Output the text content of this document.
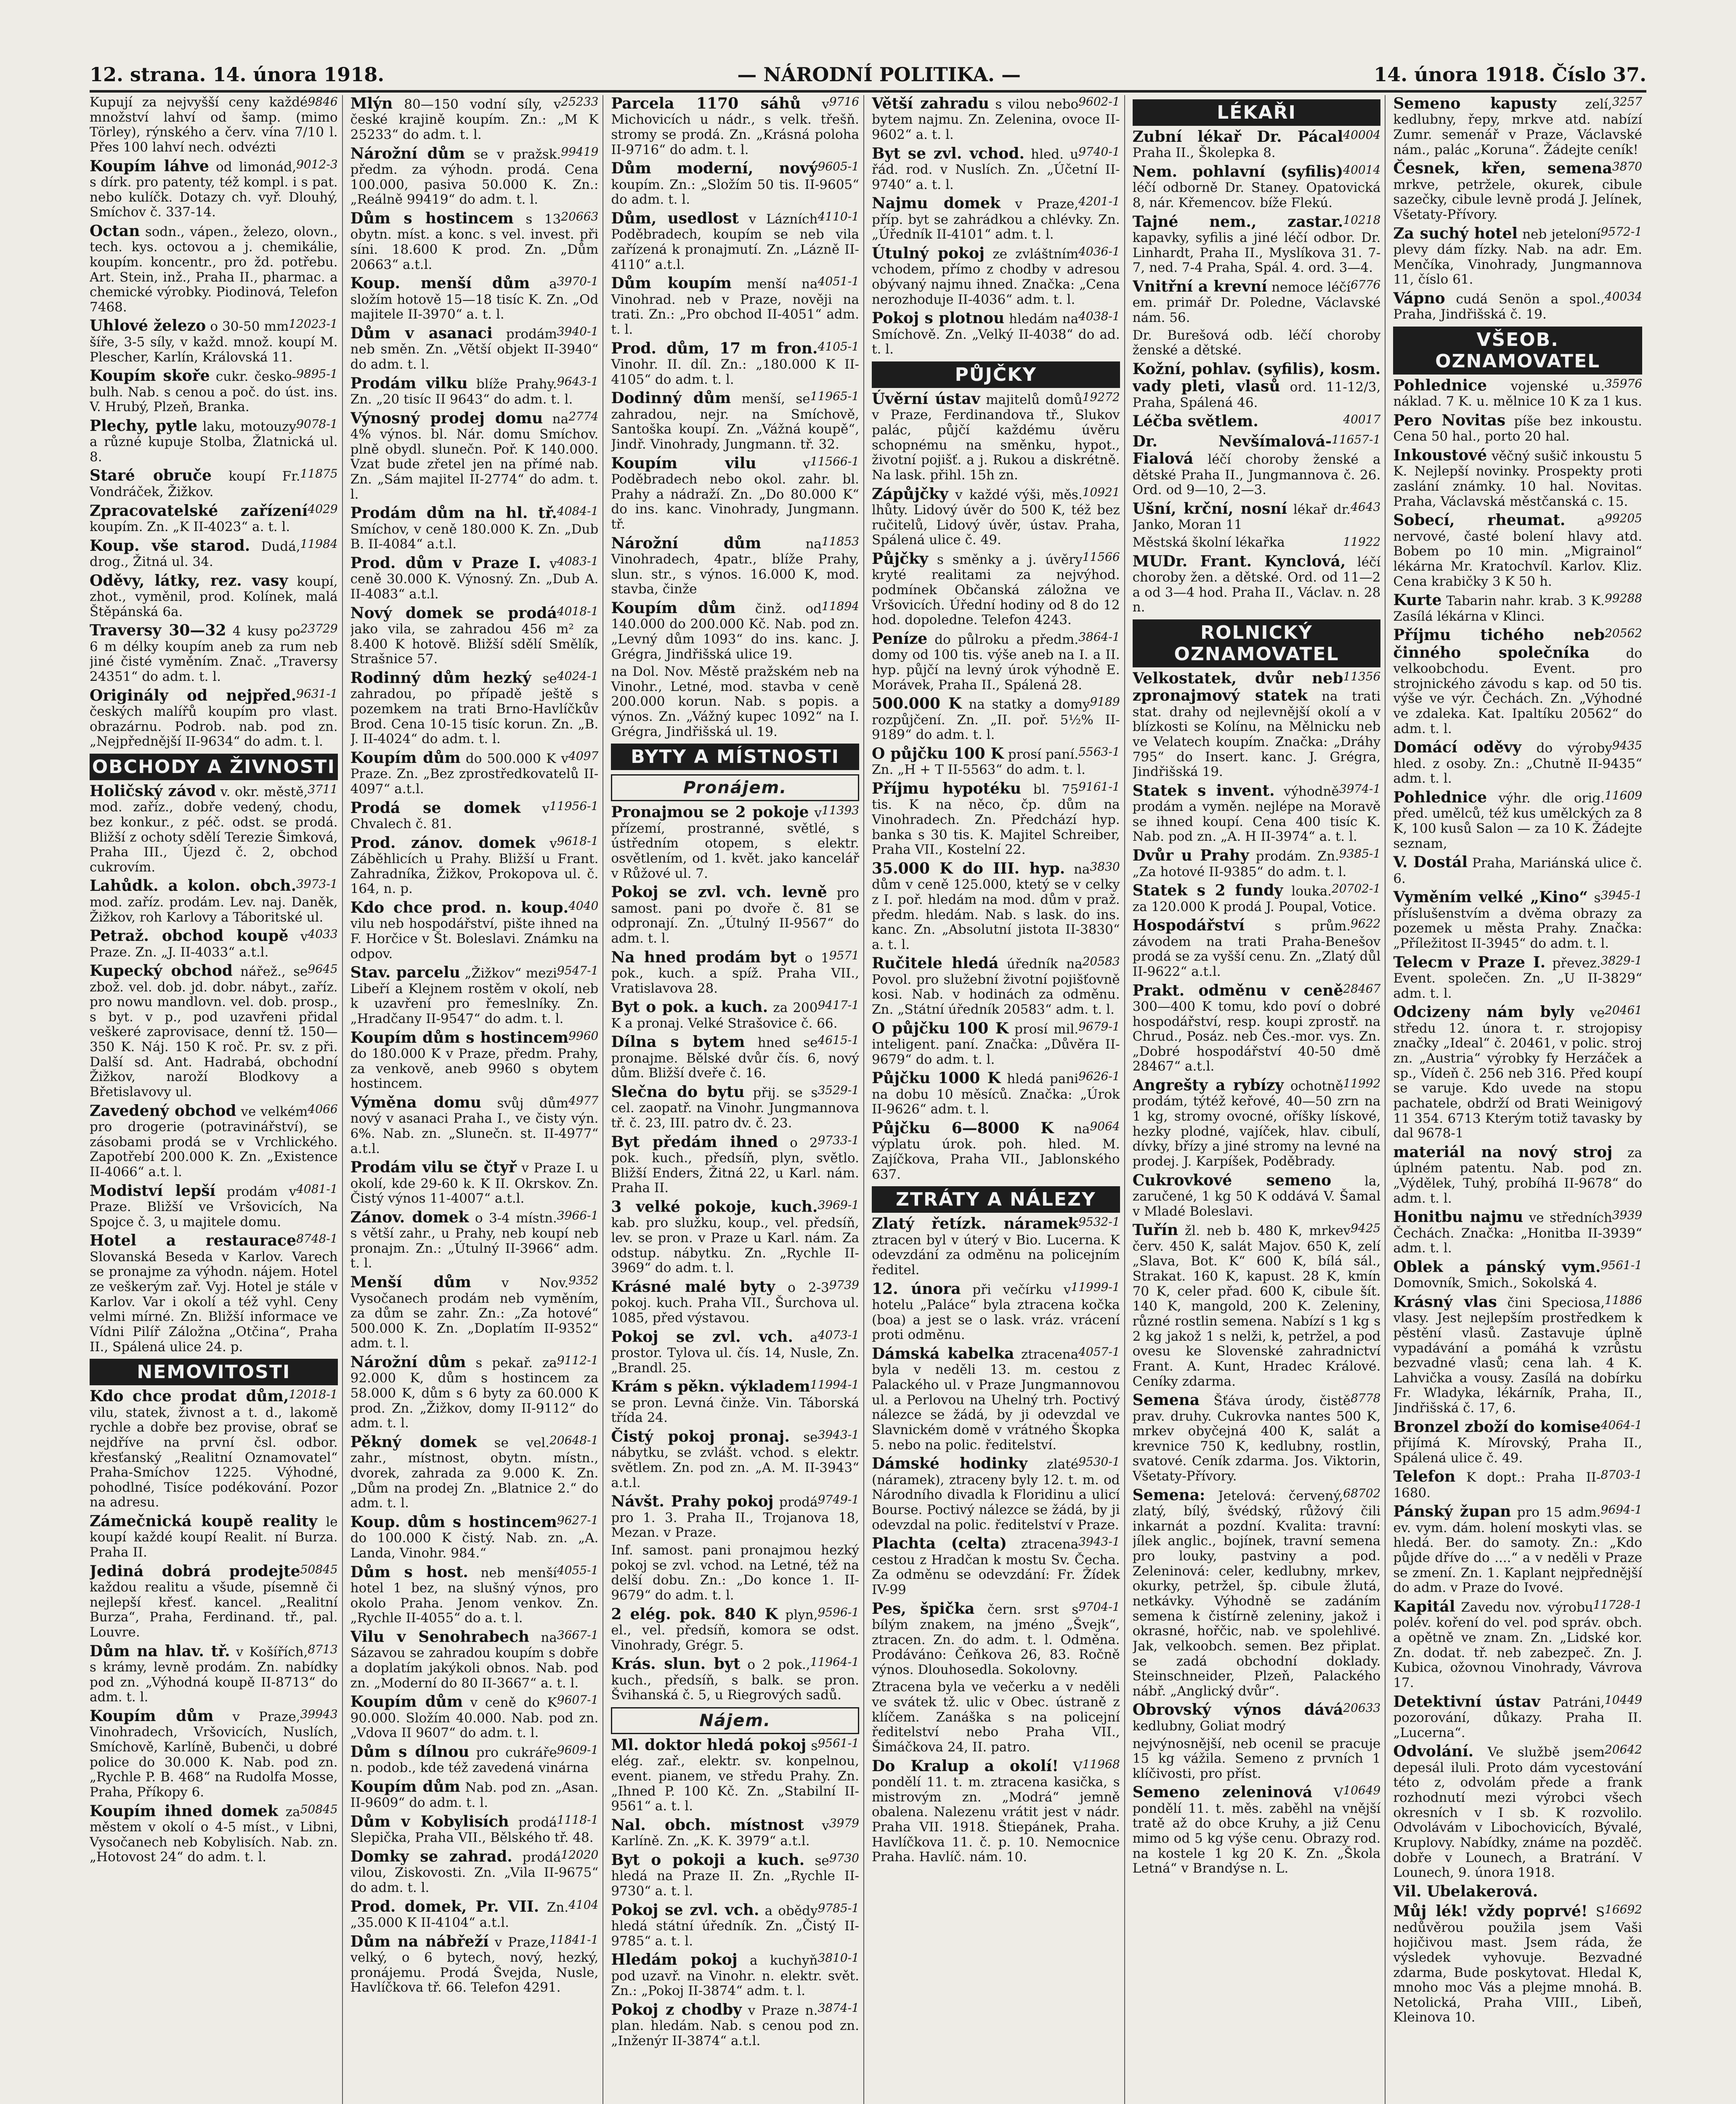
12. strana. 14. února 1918.	— NÁRODNÍ POLITIKA. —	14. února 1918. Číslo 37.
9846
Kupují za nejvyšší ceny každé množství lahví od šamp. (mimo Törley), rýnského a červ. vína 7/10 l. Přes 100 lahví nech. odvézti
9012-3
Koupím láhve od limonád, s dírk. pro patenty, též kompl. i s pat. nebo kulíčk. Dotazy ch. vyř. Dlouhý, Smíchov č. 337-14.
Octan sodn., vápen., železo, olovn., tech. kys. octovou a j. chemikálie, koupím. koncentr., pro žd. potřebu. Art. Stein, inž., Praha II., pharmac. a chemické výrobky. Piodinová, Telefon 7468.
12023-1
Uhlové železo o 30-50 mm šíře, 3-5 síly, v každ. množ. koupí M. Plescher, Karlín, Královská 11.
9895-1
Koupím skoře cukr. česko-bulh. Nab. s cenou a poč. do úst. ins. V. Hrubý, Plzeň, Branka.
9078-1
Plechy, pytle laku, motouzy a různé kupuje Stolba, Žlatnická ul. 8.
11875
Staré obruče koupí Fr. Vondráček, Žižkov.
4029
Zpracovatelské zařízení koupím. Zn. „K II-4023“ a. t. l.
11984
Koup. vše starod. Dudá, drog., Žitná ul. 34.
Oděvy, látky, rez. vasy koupí, zhot., vyměnil, prod. Kolínek, malá Štěpánská 6a.
23729
Traversy 30—32 4 kusy po 6 m délky koupím aneb za rum neb jiné čisté vyměním. Znač. „Traversy 24351“ do adm. t. l.
9631-1
Originály od nejpřed. českých malířů koupím pro vlast. obrazárnu. Podrob. nab. pod zn. „Nejpřednější II-9634“ do adm. t. l.
OBCHODY A ŽIVNOSTI
3711
Holičský závod v. okr. městě, mod. zaříz., dobře vedený, chodu, bez konkur., z péč. odst. se prodá. Bližší z ochoty sdělí Terezie Šimková, Praha III., Újezd č. 2, obchod cukrovím.
3973-1
Lahůdk. a kolon. obch. mod. zaříz. prodám. Lev. naj. Daněk, Žižkov, roh Karlovy a Táboritské ul.
4033
Petraž. obchod koupě v Praze. Zn. „J. II-4033“ a.t.l.
9645
Kupecký obchod nářež., se zbož. vel. dob. jd. dobr. nábyt., zaříz. pro nowu mandlovn. vel. dob. prosp., s byt. v p., pod uzavřeni přidal veškeré zaprovisace, denní tž. 150—350 K. Náj. 150 K roč. Pr. sv. z při. Další sd. Ant. Hadrabá, obchodní Žižkov, naroží Blodkovy a Břetislavovy ul.
4066
Zavedený obchod ve velkém pro drogerie (potravinářství), se zásobami prodá se v Vrchlického. Zapotřebí 200.000 K. Zn. „Existence II-4066“ a.t. l.
4081-1
Modiství lepší prodám v Praze. Bližší ve Vršovicích, Na Spojce č. 3, u majitele domu.
8748-1
Hotel a restaurace Slovanská Beseda v Karlov. Varech se pronajme za výhodn. nájem. Hotel ze veškerým zař. Vyj. Hotel je stále v Karlov. Var i okolí a též vyhl. Ceny velmi mírné. Zn. Bližší informace ve Vídni Pilíř Záložna „Otčina“, Praha II., Spálená ulice 24. p.
NEMOVITOSTI
12018-1
Kdo chce prodat dům, vilu, statek, živnost a t. d., lakomě rychle a dobře bez provise, obrať se nejdříve na první čsl. odbor. křesťanský „Realitní Oznamovatel“ Praha-Smíchov 1225. Výhodné, pohodlné, Tisíce podékování. Pozor na adresu.
Zámečnická koupě reality le koupí každé koupí Realit. ní Burza. Praha II.
50845
Jediná dobrá prodejte každou realitu a všude, písemně či nejlepší křesť. kancel. „Realitní Burza“, Praha, Ferdinand. tř., pal. Louvre.
8713
Dům na hlav. tř. v Košířích, s krámy, levně prodám. Zn. nabídky pod zn. „Výhodná koupě II-8713“ do adm. t. l.
39943
Koupím dům v Praze, Vinohradech, Vršovicích, Nuslích, Smíchově, Karlíně, Bubenči, u dobré police do 30.000 K. Nab. pod zn. „Rychle P. B. 468“ na Rudolfa Mosse, Praha, Příkopy 6.
50845
Koupím ihned domek za městem v okolí o 4-5 míst., v Libni, Vysočanech neb Kobylisích. Nab. zn. „Hotovost 24“ do adm. t. l.
25233
Mlýn 80—150 vodní síly, v české krajině koupím. Zn.: „M K 25233“ do adm. t. l.
99419
Nárožní dům se v pražsk. předm. za výhodn. prodá. Cena 100.000, pasiva 50.000 K. Zn.: „Reálně 99419“ do adm. t. l.
20663
Dům s hostincem s 13 obytn. míst. a konc. s vel. invest. při síni. 18.600 K prod. Zn. „Dům 20663“ a.t.l.
3970-1
Koup. menší dům a složím hotově 15—18 tisíc K. Zn. „Od majitele II-3970“ a. t. l.
3940-1
Dům v asanaci prodám neb směn. Zn. „Větší objekt II-3940“ do adm. t. l.
9643-1
Prodám vilku blíže Prahy. Zn. „20 tisíc II 9643“ do adm. t. l.
2774
Výnosný prodej domu na 4% výnos. bl. Nár. domu Smíchov. plně obydl. slunečn. Poř. K 140.000. Vzat bude zřetel jen na přímé nab. Zn. „Sám majitel II-2774“ do adm. t. l.
4084-1
Prodám dům na hl. tř. Smíchov, v ceně 180.000 K. Zn. „Dub B. II-4084“ a.t.l.
4083-1
Prod. dům v Praze I. v ceně 30.000 K. Výnosný. Zn. „Dub A. II-4083“ a.t.l.
4018-1
Nový domek se prodá jako vila, se zahradou 456 m² za 8.400 K hotově. Bližší sdělí Smělík, Strašnice 57.
4024-1
Rodinný dům hezký se zahradou, po případě ještě s pozemkem na trati Brno-Havlíčkův Brod. Cena 10-15 tisíc korun. Zn. „B. J. II-4024“ do adm. t. l.
4097
Koupím dům do 500.000 K v Praze. Zn. „Bez zprostředkovatelů II-4097“ a.t.l.
11956-1
Prodá se domek v Chvalech č. 81.
9618-1
Prod. zánov. domek v Záběhlicích u Prahy. Bližší u Frant. Zahradníka, Žižkov, Prokopova ul. č. 164, n. p.
4040
Kdo chce prod. n. koup. vilu neb hospodářství, pište ihned na F. Horčice v Št. Boleslavi. Známku na odpov.
9547-1
Stav. parcelu „Žižkov“ mezi Libeří a Klejnem rostěm v okolí, neb k uzavření pro řemeslníky. Zn. „Hradčany II-9547“ do adm. t. l.
9960
Koupím dům s hostincem do 180.000 K v Praze, předm. Prahy, za venkově, aneb 9960 s obytem hostincem.
4977
Výměna domu svůj dům nový v asanaci Praha I., ve čisty výn. 6%. Nab. zn. „Slunečn. st. II-4977“ a.t.l.
Prodám vilu se čtyř v Praze I. u okolí, kde 29-60 k. K II. Okrskov. Zn. Čistý výnos 11-4007“ a.t.l.
3966-1
Zánov. domek o 3-4 místn. s větší zahr., u Prahy, neb koupí neb pronajm. Zn.: „Útulný II-3966“ adm. t. l.
9352
Menší dům v Nov. Vysočanech prodám neb vyměním, za dům se zahr. Zn.: „Za hotové“ 500.000 K. Zn. „Doplatím II-9352“ adm. t. l.
9112-1
Nárožní dům s pekař. za 92.000 K, dům s hostincem za 58.000 K, dům s 6 byty za 60.000 K prod. Zn. „Žižkov, domy II-9112“ do adm. t. l.
20648-1
Pěkný domek se vel. zahr., místnost, obytn. místn., dvorek, zahrada za 9.000 K. Zn. „Dům na prodej Zn. „Blatnice 2.“ do adm. t. l.
9627-1
Koup. dům s hostincem do 100.000 K čistý. Nab. zn. „A. Landa, Vinohr. 984.“
4055-1
Dům s host. neb menší hotel 1 bez, na slušný výnos, pro okolo Praha. Jenom venkov. Zn. „Rychle II-4055“ do a. t. l.
3667-1
Vilu v Senohrabech na Sázavou se zahradou koupím s dobře a doplatím jakýkoli obnos. Nab. pod zn. „Moderní do 80 II-3667“ a. t. l.
9607-1
Koupím dům v ceně do K 90.000. Složím 40.000. Nab. pod zn. „Vdova II 9607“ do adm. t. l.
9609-1
Dům s dílnou pro cukráře n. podob., kde též zavedená vinárna
Koupím dům Nab. pod zn. „Asan. II-9609“ do adm. t. l.
1118-1
Dům v Kobylisích prodá Slepička, Praha VII., Bělského tř. 48.
12020
Domky se zahrad. prodá vilou, Ziskovosti. Zn. „Vila II-9675“ do adm. t. l.
4104
Prod. domek, Pr. VII. Zn. „35.000 K II-4104“ a.t.l.
11841-1
Dům na nábřeží v Praze, velký, o 6 bytech, nový, hezký, pronájemu. Prodá Švejda, Nusle, Havlíčkova tř. 66. Telefon 4291.
9716
Parcela 1170 sáhů v Michovicích u nádr., s velk. třešň. stromy se prodá. Zn. „Krásná poloha II-9716“ do adm. t. l.
9605-1
Dům moderní, nový koupím. Zn.: „Složím 50 tis. II-9605“ do adm. t. l.
4110-1
Dům, usedlost v Lázních Poděbradech, koupím se neb vila zařízená k pronajmutí. Zn. „Lázně II-4110“ a.t.l.
4051-1
Dům koupím menší na Vinohrad. neb v Praze, nověji na trati. Zn.: „Pro obchod II-4051“ adm. t. l.
4105-1
Prod. dům, 17 m fron. Vinohr. II. díl. Zn.: „180.000 K II-4105“ do adm. t. l.
11965-1
Dodinný dům menší, se zahradou, nejr. na Smíchově, Santoška koupí. Zn. „Vážná koupě“, Jindř. Vinohrady, Jungmann. tř. 32.
11566-1
Koupím vilu	v Poděbradech nebo okol. zahr. bl. Prahy a nádraží. Zn. „Do 80.000 K“ do ins. kanc. Vinohrady, Jungmann. tř.
11853
Nárožní dům	na Vinohradech, 4patr., blíže Prahy, slun. str., s výnos. 16.000 K, mod. stavba, činže
11894
Koupím dům činž. od 140.000 do 200.000 Kč. Nab. pod zn. „Levný dům 1093“ do ins. kanc. J. Grégra, Jindřišská ulice 19.
na Dol. Nov. Městě pražském neb na Vinohr., Letné, mod. stavba v ceně 200.000 korun. Nab. s popis. a výnos. Zn. „Vážný kupec 1092“ na I. Grégra, Jindřišská ul. 19.
BYTY A MÍSTNOSTI
Pronájem.
11393
Pronajmou se 2 pokoje v přízemí, prostranné, světlé, s ústředním otopem, s elektr. osvětlením, od 1. květ. jako kancelář v Růžové ul. 7.
Pokoj se zvl. vch. levně pro samost. pani po dvoře č. 81 se odpronají. Zn. „Útulný II-9567“ do adm. t. l.
9571
Na hned prodám byt o 1 pok., kuch. a spíž. Praha VII., Vratislavova 28.
9417-1
Byt o pok. a kuch. za 200 K a pronaj. Velké Strašovice č. 66.
4615-1
Dílna s bytem hned se pronajme. Bělské dvůr čís. 6, nový dům. Bližší dveře č. 16.
3529-1
Slečna do bytu přij. se s cel. zaopatř. na Vinohr. Jungmannova tř. č. 23, III. patro dv. č. 23.
9733-1
Byt předám ihned o 2 pok. kuch., předsíň, plyn, světlo. Bližší Enders, Žitná 22, u Karl. nám. Praha II.
3969-1
3 velké pokoje, kuch. kab. pro služku, koup., vel. předsíň, lev. se pron. v Praze u Karl. nám. Za odstup. nábytku. Zn. „Rychle II-3969“ do adm. t. l.
9739
Krásné malé byty o 2-3 pokoj. kuch. Praha VII., Šurchova ul. 1085, před výstavou.
4073-1
Pokoj se zvl. vch. a prostor. Tylova ul. čís. 14, Nusle, Zn. „Brandl. 25.
11994-1
Krám s pěkn. výkladem se pron. Levná činže. Vin. Táborská třída 24.
3943-1
Čistý pokoj pronaj. se nábytku, se zvlášt. vchod. s elektr. světlem. Zn. pod zn. „A. M. II-3943“ a.t.l.
9749-1
Návšt. Prahy pokoj prodá pro 1. 3. Praha II., Trojanova 18, Mezan. v Praze.
Inf. samost. pani pronajmou hezký pokoj se zvl. vchod. na Letné, též na delší dobu. Zn.: „Do konce 1. II-9679“ do adm. t. l.
9596-1
2 elég. pok. 840 K plyn, el., vel. předsíň, komora se odst. Vinohrady, Grégr. 5.
11964-1
Krás. slun. byt o 2 pok., kuch., předsíň, s balk. se pron. Švihanská č. 5, u Riegrových sadů.
Nájem.
9561-1
Ml. doktor hledá pokoj s elég. zař., elektr. sv. konpelnou, event. pianem, ve středu Prahy. Zn. „Ihned P. 100 Kč. Zn. „Stabilní II-9561“ a. t. l.
3979
Nal. obch. místnost v Karlíně. Zn. „K. K. 3979“ a.t.l.
9730
Byt o pokoji a kuch. se hledá na Praze II. Zn. „Rychle II-9730“ a. t. l.
9785-1
Pokoj se zvl. vch. a obědy hledá státní úředník. Zn. „Čistý II-9785“ a. t. l.
3810-1
Hledám pokoj a kuchyň pod uzavř. na Vinohr. n. elektr. svět. Zn.: „Pokoj II-3874“ adm. t. l.
3874-1
Pokoj z chodby v Praze n. plan. hledám. Nab. s cenou pod zn. „Inženýr II-3874“ a.t.l.
9602-1
Větší zahradu s vilou nebo bytem najmu. Zn. Zelenina, ovoce II-9602“ a. t. l.
9740-1
Byt se zvl. vchod. hled. u řád. rod. v Nuslích. Zn. „Účetní II-9740“ a. t. l.
4201-1
Najmu domek v Praze, příp. byt se zahrádkou a chlévky. Zn. „Úředník II-4101“ adm. t. l.
4036-1
Útulný pokoj ze zvláštním vchodem, přímo z chodby v adresou obývaný najmu ihned. Značka: „Cena nerozhoduje II-4036“ adm. t. l.
4038-1
Pokoj s plotnou hledám na Smíchově. Zn. „Velký II-4038“ do ad. t. l.
PŮJČKY
19272
Úvěrní ústav majitelů domů v Praze, Ferdinandova tř., Slukov palác, půjčí každému úvěru schopnému na směnku, hypot., životní pojišť. a j. Rukou a diskrétně. Na lask. přihl. 15h zn.
10921
Zápůjčky v každé výši, měs. lhůty. Lidový úvěr do 500 K, též bez ručitelů, Lidový úvěr, ústav. Praha, Spálená ulice č. 49.
11566
Půjčky s směnky a j. úvěry kryté realitami za nejvýhod. podmínek Občanská záložna ve Vršovicích. Úřední hodiny od 8 do 12 hod. dopoledne. Telefon 4243.
3864-1
Peníze do půlroku a předm. domy od 100 tis. výše aneb na I. a II. hyp. půjčí na levný úrok výhodně E. Morávek, Praha II., Spálená 28.
9189
500.000 K na statky a domy rozpůjčení. Zn. „II. poř. 5½% II-9189“ do adm. t. l.
5563-1
O půjčku 100 K prosí paní. Zn. „H + T II-5563“ do adm. t. l.
9161-1
Příjmu hypotéku bl. 75 tis. K na něco, čp. dům na Vinohradech. Zn. Předchází hyp. banka s 30 tis. K. Majitel Schreiber, Praha VII., Kostelní 22.
3830
35.000 K do III. hyp. na dům v ceně 125.000, ktetý se v celky z I. poř. hledám na mod. dům v praž. předm. hledám. Nab. s lask. do ins. kanc. Zn. „Absolutní jistota II-3830“ a. t. l.
20583
Ručitele hledá úředník na Povol. pro služební životní pojišťovně kosi. Nab. v hodinách za odměnu. Zn. „Státní úředník 20583“ adm. t. l.
9679-1
O půjčku 100 K prosí mil. inteligent. paní. Značka: „Důvěra II-9679“ do adm. t. l.
9626-1
Půjčku 1000 K hledá pani na dobu 10 měsíců. Značka: „Úrok II-9626“ adm. t. l.
9064
Půjčku 6—8000 K na výplatu úrok. poh. hled. M. Zajíčkova, Praha VII., Jablonského 637.
ZTRÁTY A NÁLEZY
9532-1
Zlatý řetízk. náramek ztracen byl v úterý v Bio. Lucerna. K odevzdání za odměnu na policejním ředitel.
11999-1
12. února při večírku v hotelu „Paláce“ byla ztracena kočka (boa) a jest se o lask. vráz. vrácení proti odměnu.
4057-1
Dámská kabelka ztracena byla v neděli 13. m. cestou z Palackého ul. v Praze Jungmannovou ul. a Perlovou na Uhelný trh. Poctivý nálezce se žádá, by ji odevzdal ve Slavnickém domě v vrátného Škopka 5. nebo na polic. ředitelství.
9530-1
Dámské hodinky zlaté (náramek), ztraceny byly 12. t. m. od Národního divadla k Floridinu a ulicí Bourse. Poctivý nálezce se žádá, by ji odevzdal na polic. ředitelství v Praze.
3943-1
Plachta (celta) ztracena cestou z Hradčan k mostu Sv. Čecha. Za odměnu se odevzdání: Fr. Žídek IV-99
9704-1
Pes, špička čern. srst s bílým znakem, na jméno „Švejk“, ztracen. Zn. do adm. t. l. Odměna. Prodáváno: Čeňkova 26, 83. Ročně výnos. Dlouhosedla. Sokolovny.
Ztracena byla ve večerku a v neděli ve svátek tž. ulic v Obec. ústraně z klíčem. Zanáška s na policejní ředitelství nebo Praha VII., Šimáčkova 24, II. patro.
11968
Do Kralup a okolí! V pondělí 11. t. m. ztracena kasička, s mistrovým zn. „Modrá“ jemně obalena. Nalezenu vrátit jest v nádr. Praha VII. 1918. Štiepánek, Praha. Havlíčkova 11. č. p. 10. Nemocnice Praha. Havlíč. nám. 10.
LÉKAŘI
40004
Zubní lékař Dr. Pácal Praha II., Školepka 8.
40014
Nem. pohlavní (syfilis) léčí odborně Dr. Staney. Opatovická 8, nár. Křemencov. bíže Flekú.
10218
Tajné nem., zastar. kapavky, syfilis a jiné léčí odbor. Dr. Linhardt, Praha II., Myslíkova 31. 7-7, ned. 7-4 Praha, Spál. 4. ord. 3—4.
6776
Vnitřní a krevní nemoce léčí em. primář Dr. Poledne, Václavské nám. 56.
Dr. Burešová odb. léčí choroby ženské a dětské.
Kožní, pohlav. (syfilis), kosm. vady pleti, vlasů ord. 11-12/3, Praha, Spálená 46.
40017
Léčba světlem.
11657-1
Dr. Nevšímalová-Fialová léčí choroby ženské a dětské Praha II., Jungmannova č. 26. Ord. od 9—10, 2—3.
4643
Ušní, krční, nosní lékař dr. Janko, Moran 11
11922
Městská školní lékařka
MUDr. Frant. Kynclová, léčí choroby žen. a dětské. Ord. od 11—2 a od 3—4 hod. Praha II., Václav. n. 28 n.
ROLNICKÝ OZNAMOVATEL
11356
Velkostatek, dvůr neb zpronajmový statek na trati stat. drahy od nejlevnější okolí a v blízkosti se Kolínu, na Mělnicku neb ve Velatech koupím. Značka: „Dráhy 795“ do Insert. kanc. J. Grégra, Jindřišská 19.
3974-1
Statek s invent. výhodně prodám a vyměn. nejlépe na Moravě se ihned koupí. Cena 400 tisíc K. Nab. pod zn. „A. H II-3974“ a. t. l.
9385-1
Dvůr u Prahy prodám. Zn. „Za hotové II-9385“ do adm. t. l.
20702-1
Statek s 2 fundy louka. za 120.000 K prodá J. Poupal, Votice.
9622
Hospodářství s prům. závodem na trati Praha-Benešov prodá se za vyšší cenu. Zn. „Zlatý důl II-9622“ a.t.l.
28467
Prakt. odměnu v ceně 300—400 K tomu, kdo poví o dobré hospodářství, resp. koupi zprostř. na Chrud., Posáz. neb Čes.-mor. vys. Zn. „Dobré hospodářství 40-50 dmě 28467“ a.t.l.
11992
Angrešty a rybízy ochotně prodám, týtéž keřové, 40—50 zrn na 1 kg, stromy ovocné, oříšky lískové, hezky plodné, vajíček, hlav. cibulí, dívky, břízy a jiné stromy na levné na prodej. J. Karpíšek, Poděbrady.
Cukrovkové semeno	la, zaručené, 1 kg 50 K oddává V. Šamal v Mladé Boleslavi.
9425
Tuřín žl. neb b. 480 K, mrkev červ. 450 K, salát Majov. 650 K, zelí „Slava, Bot. K“ 600 K, bílá sál., Strakat. 160 K, kapust. 28 K, kmín 70 K, celer přad. 600 K, cibule šít. 140 K, mangold, 200 K. Zeleniny, různé rostlin semena. Nabízí s 1 kg s 2 kg jakož 1 s nelži, k, petržel, a pod ovesu ke Slovenské zahradnictví Frant. A. Kunt, Hradec Králové. Ceníky zdarma.
8778
Semena Šťáva úrody, čistě prav. druhy. Cukrovka nantes 500 K, mrkev obyčejná 400 K, salát a krevnice 750 K, kedlubny, rostlin, svatové. Ceník zdarma. Jos. Viktorin, Všetaty-Přívory.
68702
Semena: Jetelová: červený, zlatý, bílý, švédský, růžový čili inkarnát a pozdní. Kvalita: travní: jílek anglic., bojínek, travní semena pro louky, pastviny a pod. Zeleninová: celer, kedlubny, mrkev, okurky, petržel, šp. cibule žlutá, netkávky. Výhodně se zadáním semena k čistírně zeleniny, jakož i okrasné, hořčic, nab. ve spolehlivé. Jak, velkoobch. semen. Bez připlat. se zadá obchodní doklady. Steinschneider, Plzeň, Palackého nábř. „Anglický dvůr“.
20633
Obrovský výnos dává kedlubny, Goliat modrý
nejvýnosnější, neb ocenil se pracuje 15 kg vážila. Semeno z prvních 1 klíčivosti, pro příst.
10649
Semeno zeleninová V pondělí 11. t. měs. zaběhl na vnější tratě až do obce Kruhy, a již Cenu mimo od 5 kg výše cenu. Obrazy rod. na kostele 1 kg 20 K. Zn. „Škola Letná“ v Brandýse n. L.
3257
Semeno kapusty zelí, kedlubny, řepy, mrkve atd. nabízí Zumr. semenář v Praze, Václavské nám., palác „Koruna“. Žádejte ceník!
3870
Česnek, křen, semena mrkve, petržele, okurek, cibule sazečky, cibule levně prodá J. Jelínek, Všetaty-Přívory.
9572-1
Za suchý hotel neb jeteloní plevy dám fízky. Nab. na adr. Em. Menčíka, Vinohrady, Jungmannova 11, číslo 61.
40034
Vápno cudá Senön a spol., Praha, Jindřišská č. 19.
VŠEOB. OZNAMOVATEL
35976
Pohlednice vojenské u. náklad. 7 K. u. mělnice 10 K za 1 kus.
Pero Novitas píše bez inkoustu. Cena 50 hal., porto 20 hal.
Inkoustové věčný sušič inkoustu 5 K. Nejlepší novinky. Prospekty proti zaslání známky. 10 hal. Novitas. Praha, Václavská městčanská c. 15.
99205
Sobecí, rheumat. a nervové, časté bolení hlavy atd. Bobem po 10 min. „Migrainol“ lékárna Mr. Kratochvíl. Karlov. Kliz. Cena krabičky 3 K 50 h.
99288
Kurte Tabarin nahr. krab. 3 K. Zasílá lékárna v Klinci.
20562
Příjmu tichého neb činného společníka	do velkoobchodu. Event. pro strojnického závodu s kap. od 50 tis. výše ve výr. Čechách. Zn. „Výhodné ve zdaleka. Kat. Ipaltíku 20562“ do adm. t. l.
9435
Domácí oděvy do výroby hled. z osoby. Zn.: „Chutně II-9435“ adm. t. l.
11609
Pohlednice výhr. dle orig. před. umělců, též kus umělckých za 8 K, 100 kusů Salon — za 10 K. Žádejte seznam,
V. Dostál Praha, Mariánská ulice č. 6.
3945-1
Vyměním velké „Kino“ s příslušenstvím a dvěma obrazy za pozemek u města Prahy. Značka: „Příležitost II-3945“ do adm. t. l.
3829-1
Telecm v Praze I. převez. Event. společen. Zn. „U II-3829“ adm. t. l.
20461
Odcizeny nám byly ve středu 12. února t. r. strojopisy značky „Ideal“ č. 20461, v polic. stroj zn. „Austria“ výrobky fy Herzáček a sp., Vídeň č. 256 neb 316. Před koupí se varuje. Kdo uvede na stopu pachatele, obdrží od Brati Weinigový 11 354. 6713 Kterým totiž tavasky by dal 9678-1
materiál na nový stroj za úplném patentu. Nab. pod zn. „Výdělek, Tuhý, probíhá II-9678“ do adm. t. l.
3939
Honitbu najmu ve středních Čechách. Značka: „Honitba II-3939“ adm. t. l.
9561-1
Oblek a pánský vym. Domovník, Smich., Sokolská 4.
11886
Krásný vlas čini Speciosa, vlasy. Jest nejlepším prostředkem k pěstění vlasů. Zastavuje úplně vypadávání a pomáhá k vzrůstu bezvadné vlasů; cena lah. 4 K. Lahvička a vousy. Zasílá na dobírku Fr. Wladyka, lékárník, Praha, II., Jindřišská č. 17, 6.
4064-1
Bronzel zboží do komise přijímá K. Mírovský, Praha II., Spálená ulice č. 49.
8703-1
Telefon K dopt.: Praha II-1680.
9694-1
Pánský župan pro 15 adm. ev. vym. dám. holení moskyti vlas. se hledá. Ber. do samoty. Zn.: „Kdo půjde dříve do ....“ a v neděli v Praze se zmení. Zn. 1. Kaplant nejpřednější do adm. v Praze do Ivové.
11728-1
Kapitál Zavedu nov. výrobu polév. koření do vel. pod správ. obch. a opětně ve znam. Zn. „Lidské kor. Zn. dodat. tř. neb zabezpeč. Zn. J. Kubica, ožovnou Vinohrady, Vávrova 17.
10449
Detektivní ústav Patráni, pozorování, důkazy. Praha II. „Lucerna“.
20642
Odvolání. Ve službě jsem depesál iluli. Proto dám vycestování této z, odvolám přede a frank rozhodnutí mezi výrobci všech okresních v I sb. K rozvolilo. Odvolávám v Libochovicích, Bývalé, Kruplovy. Nabídky, známe na pozděč. dobře v Lounech, a Bratrání. V Lounech, 9. února 1918.
Vil. Ubelakerová.
16692
Můj lék! vždy poprvé! S nedůvěrou použila jsem Vaši hojičivou mast. Jsem ráda, že výsledek vyhovuje. Bezvadné zdarma, Bude poskytovat. Hledal K, mnoho moc Vás a plejme mnohá. B. Netolická, Praha VIII., Libeň, Kleinova 10.
